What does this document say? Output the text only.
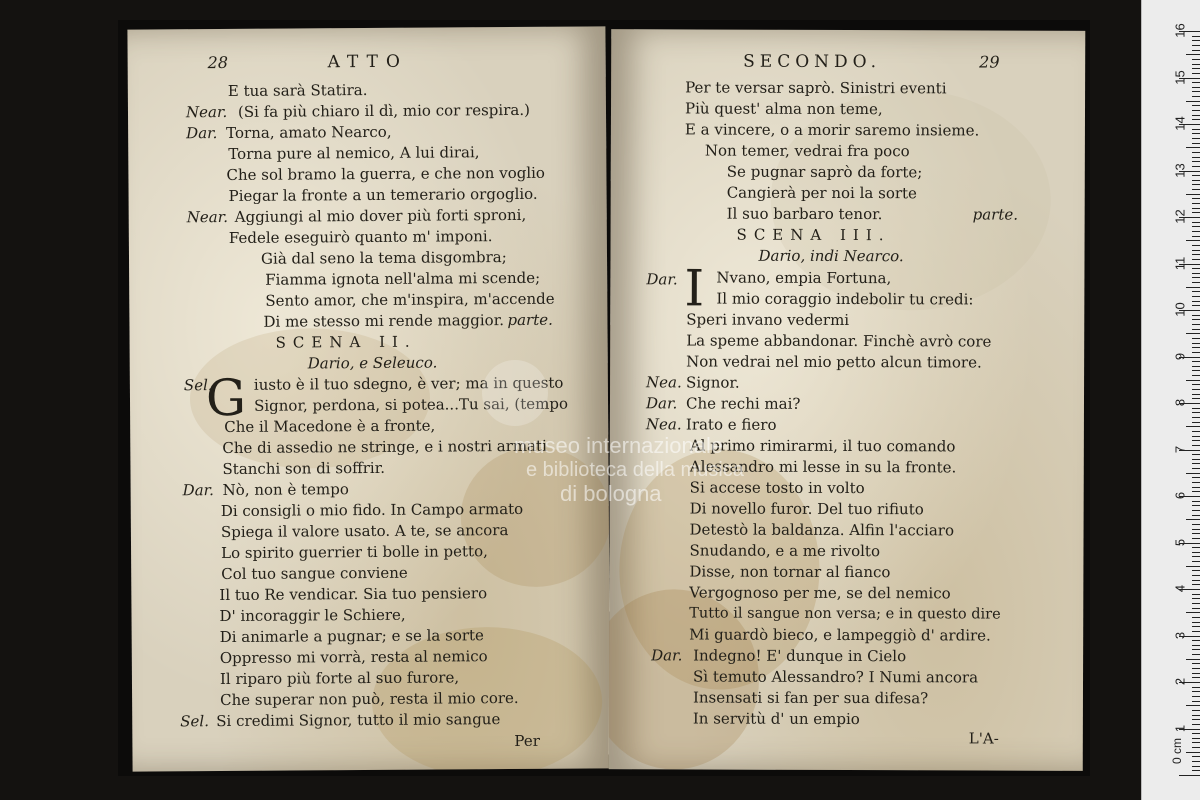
28	ATTO
E tua sarà Statira.
Near. (Si fa più chiaro il dì, mio cor respira.)
Dar. Torna, amato Nearco,
Torna pure al nemico, A lui dirai,
Che sol bramo la guerra, e che non voglio
Piegar la fronte a un temerario orgoglio.
Near. Aggiungi al mio dover più forti sproni,
Fedele eseguirò quanto m' imponi.
Già dal seno la tema disgombra;
Fiamma ignota nell'alma mi scende;
Sento amor, che m'inspira, m'accende
Di me stesso mi rende maggior. parte.
SCENA II.
Dario, e Seleuco.
Sel.
G iusto è il tuo sdegno, è ver; ma in questo
Signor, perdona, si potea...Tu sai, (tempo
Che il Macedone è a fronte,
Che di assedio ne stringe, e i nostri armati
Stanchi son di soffrir.
Dar. Nò, non è tempo
Di consigli o mio fido. In Campo armato
Spiega il valore usato. A te, se ancora
Lo spirito guerrier ti bolle in petto,
Col tuo sangue conviene
Il tuo Re vendicar. Sia tuo pensiero
D' incoraggir le Schiere,
Di animarle a pugnar; e se la sorte
Oppresso mi vorrà, resta al nemico
Il riparo più forte al suo furore,
Che superar non può, resta il mio core.
Sel. Si credimi Signor, tutto il mio sangue
Per
SECONDO.	29
Per te versar saprò. Sinistri eventi
Più quest' alma non teme,
E a vincere, o a morir saremo insieme.
Non temer, vedrai fra poco
Se pugnar saprò da forte;
Cangierà per noi la sorte
Il suo barbaro tenor.	parte.
SCENA III.
Dario, indi Nearco.
Dar. I Nvano, empia Fortuna,
Il mio coraggio indebolir tu credi:
Speri invano vedermi
La speme abbandonar. Finchè avrò core
Non vedrai nel mio petto alcun timore.
Nea. Signor.
Dar. Che rechi mai?
Nea. Irato e fiero
Al primo rimirarmi, il tuo comando
Alessandro mi lesse in su la fronte.
Si accese tosto in volto
Di novello furor. Del tuo rifiuto
Detestò la baldanza. Alfin l'acciaro
Snudando, e a me rivolto
Disse, non tornar al fianco
Vergognoso per me, se del nemico
Tutto il sangue non versa; e in questo dire
Mi guardò bieco, e lampeggiò d' ardire.
Dar. Indegno! E' dunque in Cielo
Sì temuto Alessandro? I Numi ancora
Insensati si fan per sua difesa?
In servitù d' un empio
L'A-
museo internazionale
e biblioteca della musica
di bologna
0 cm
1
2
3
4
5
6
7
8
9
10
11
12
13
14
15
16
